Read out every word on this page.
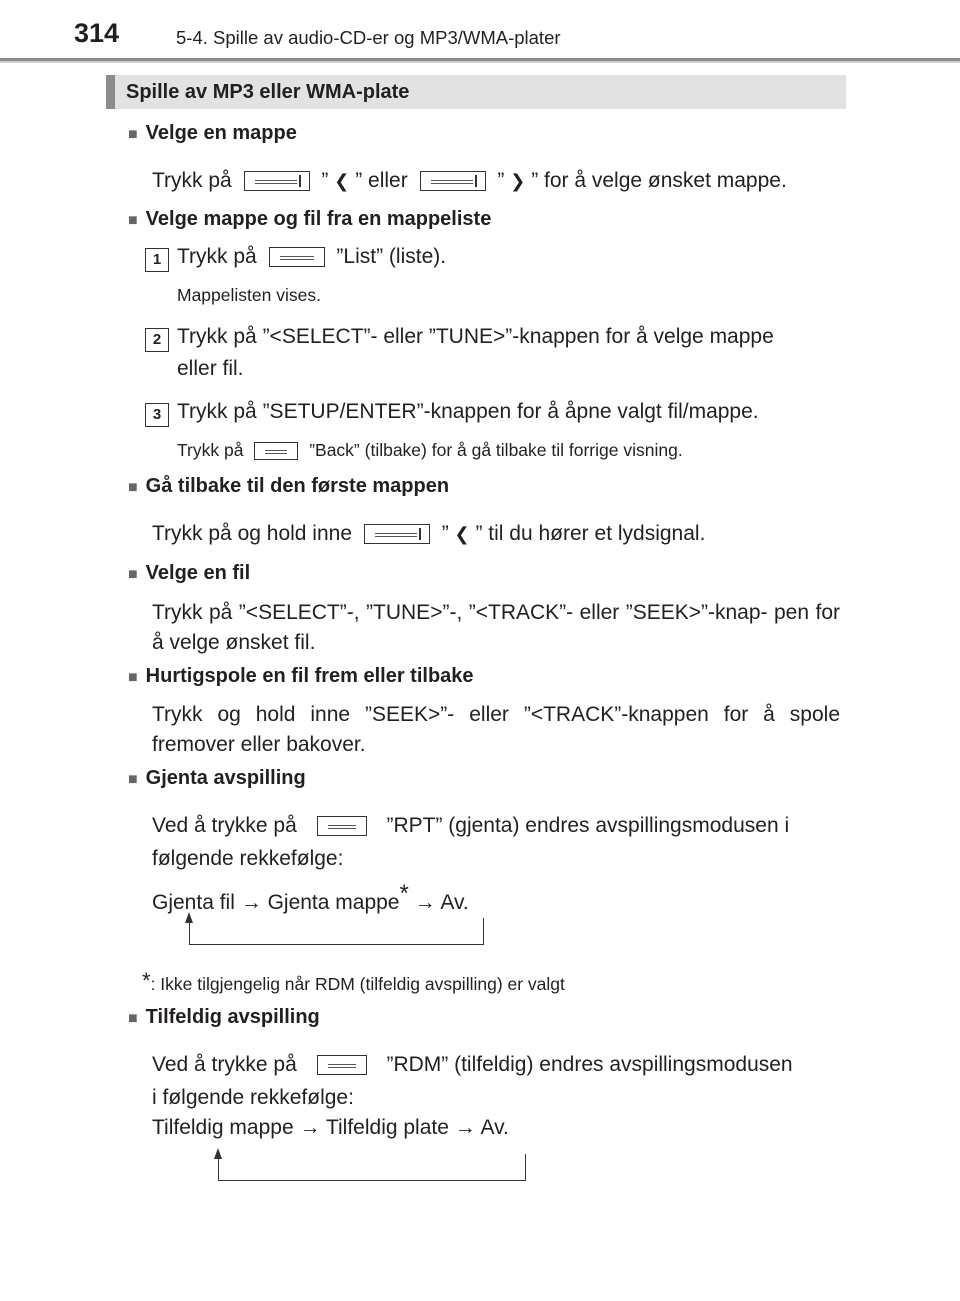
314	5-4. Spille av audio-CD-er og MP3/WMA-plater
Spille av MP3 eller WMA-plate
■ Velge en mappe
Trykk på	” ❮ ” eller	” ❯ ” for å velge ønsket mappe.
■ Velge mappe og fil fra en mappeliste
1 Trykk på	”List” (liste).
Mappelisten vises.
2 Trykk på ”<SELECT”- eller ”TUNE>”-knappen for å velge mappe
eller fil.
3 Trykk på ”SETUP/ENTER”-knappen for å åpne valgt fil/mappe.
Trykk på	”Back” (tilbake) for å gå tilbake til forrige visning.
■ Gå tilbake til den første mappen
Trykk på og hold inne	” ❮ ” til du hører et lydsignal.
■ Velge en fil
Trykk på ”<SELECT”-, ”TUNE>”-, ”<TRACK”- eller ”SEEK>”-knap- pen for å velge ønsket fil.
■ Hurtigspole en fil frem eller tilbake
Trykk og hold inne ”SEEK>”- eller ”<TRACK”-knappen for å spole fremover eller bakover.
■ Gjenta avspilling
Ved å trykke på	”RPT” (gjenta) endres avspillingsmodusen i
følgende rekkefølge:
Gjenta fil → Gjenta mappe* → Av.
*: Ikke tilgjengelig når RDM (tilfeldig avspilling) er valgt
■ Tilfeldig avspilling
Ved å trykke på	”RDM” (tilfeldig) endres avspillingsmodusen
i følgende rekkefølge:
Tilfeldig mappe → Tilfeldig plate → Av.
